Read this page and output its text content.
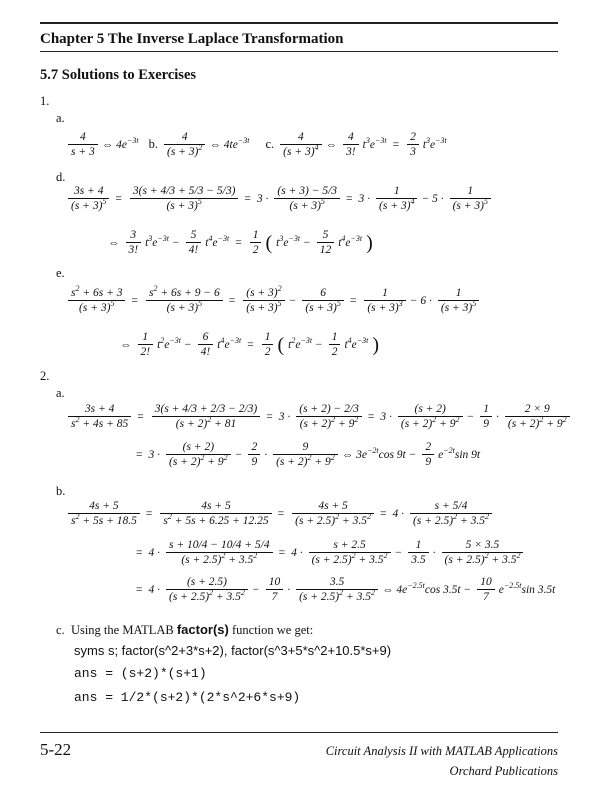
Chapter 5 The Inverse Laplace Transformation
5.7 Solutions to Exercises
1.
a.
$\frac{4}{s + 3}$ ⇔ $4e^{-3t}$ b. $\frac{4}{(s + 3)^2}$ ⇔ $4te^{-3t}$ c. $\frac{4}{(s + 3)^4}$ ⇔ $\frac{4}{3!} t^3e^{-3t} = \frac{2}{3} t^3e^{-3t}$
d.
$\frac{3s + 4}{(s + 3)^5} = \frac{3(s + 4/3 + 5/3 - 5/3)}{(s + 3)^5} = 3 \cdot \frac{(s + 3) - 5/3}{(s + 3)^5} = 3 \cdot \frac{1}{(s + 3)^4} - 5 \cdot \frac{1}{(s + 3)^5}$
⇔ $\frac{3}{3!} t^3e^{-3t} - \frac{5}{4!} t^4e^{-3t} = \frac{1}{2}$ ( $t^3e^{-3t} - \frac{5}{12} t^4e^{-3t}$ )
e.
$\frac{s^2 + 6s + 3}{(s + 3)^5} = \frac{s^2 + 6s + 9 - 6}{(s + 3)^5} = \frac{(s + 3)^2}{(s + 3)^5} - \frac{6}{(s + 3)^5} = \frac{1}{(s + 3)^3} - 6 \cdot \frac{1}{(s + 3)^5}$
⇔ $\frac{1}{2!} t^2e^{-3t} - \frac{6}{4!} t^4e^{-3t} = \frac{1}{2}$ ( $t^2e^{-3t} - \frac{1}{2} t^4e^{-3t}$ )
2.
a.
$\frac{3s + 4}{s^2 + 4s + 85} = \frac{3(s + 4/3 + 2/3 - 2/3)}{(s + 2)^2 + 81} = 3 \cdot \frac{(s + 2) - 2/3}{(s + 2)^2 + 9^2} = 3 \cdot \frac{(s + 2)}{(s + 2)^2 + 9^2} - \frac{1}{9} \cdot \frac{2 \times 9}{(s + 2)^2 + 9^2}$
= $3 \cdot \frac{(s + 2)}{(s + 2)^2 + 9^2} - \frac{2}{9} \cdot \frac{9}{(s + 2)^2 + 9^2}$ ⇔ $3e^{-2t}\cos$ $9t - \frac{2}{9} e^{-2t}\sin$ 9t
b.
$\frac{4s + 5}{s^2 + 5s + 18.5} = \frac{4s + 5}{s^2 + 5s + 6.25 + 12.25} = \frac{4s + 5}{(s + 2.5)^2 + 3.5^2} = 4 \cdot \frac{s + 5/4}{(s + 2.5)^2 + 3.5^2}$
= $4 \cdot \frac{s + 10/4 - 10/4 + 5/4}{(s + 2.5)^2 + 3.5^2} = 4 \cdot \frac{s + 2.5}{(s + 2.5)^2 + 3.5^2} - \frac{1}{3.5} \cdot \frac{5 \times 3.5}{(s + 2.5)^2 + 3.5^2}$
= $4 \cdot \frac{(s + 2.5)}{(s + 2.5)^2 + 3.5^2} - \frac{10}{7} \cdot \frac{3.5}{(s + 2.5)^2 + 3.5^2}$ ⇔ $4e^{-2.5t}\cos$ $3.5t - \frac{10}{7} e^{-2.5t}\sin$ 3.5t
c. Using the MATLAB factor(s) function we get:
syms s; factor(s^2+3*s+2), factor(s^3+5*s^2+10.5*s+9)
ans = (s+2)*(s+1)
ans = 1/2*(s+2)*(2*s^2+6*s+9)
5-22	Circuit Analysis II with MATLAB Applications
Orchard Publications
